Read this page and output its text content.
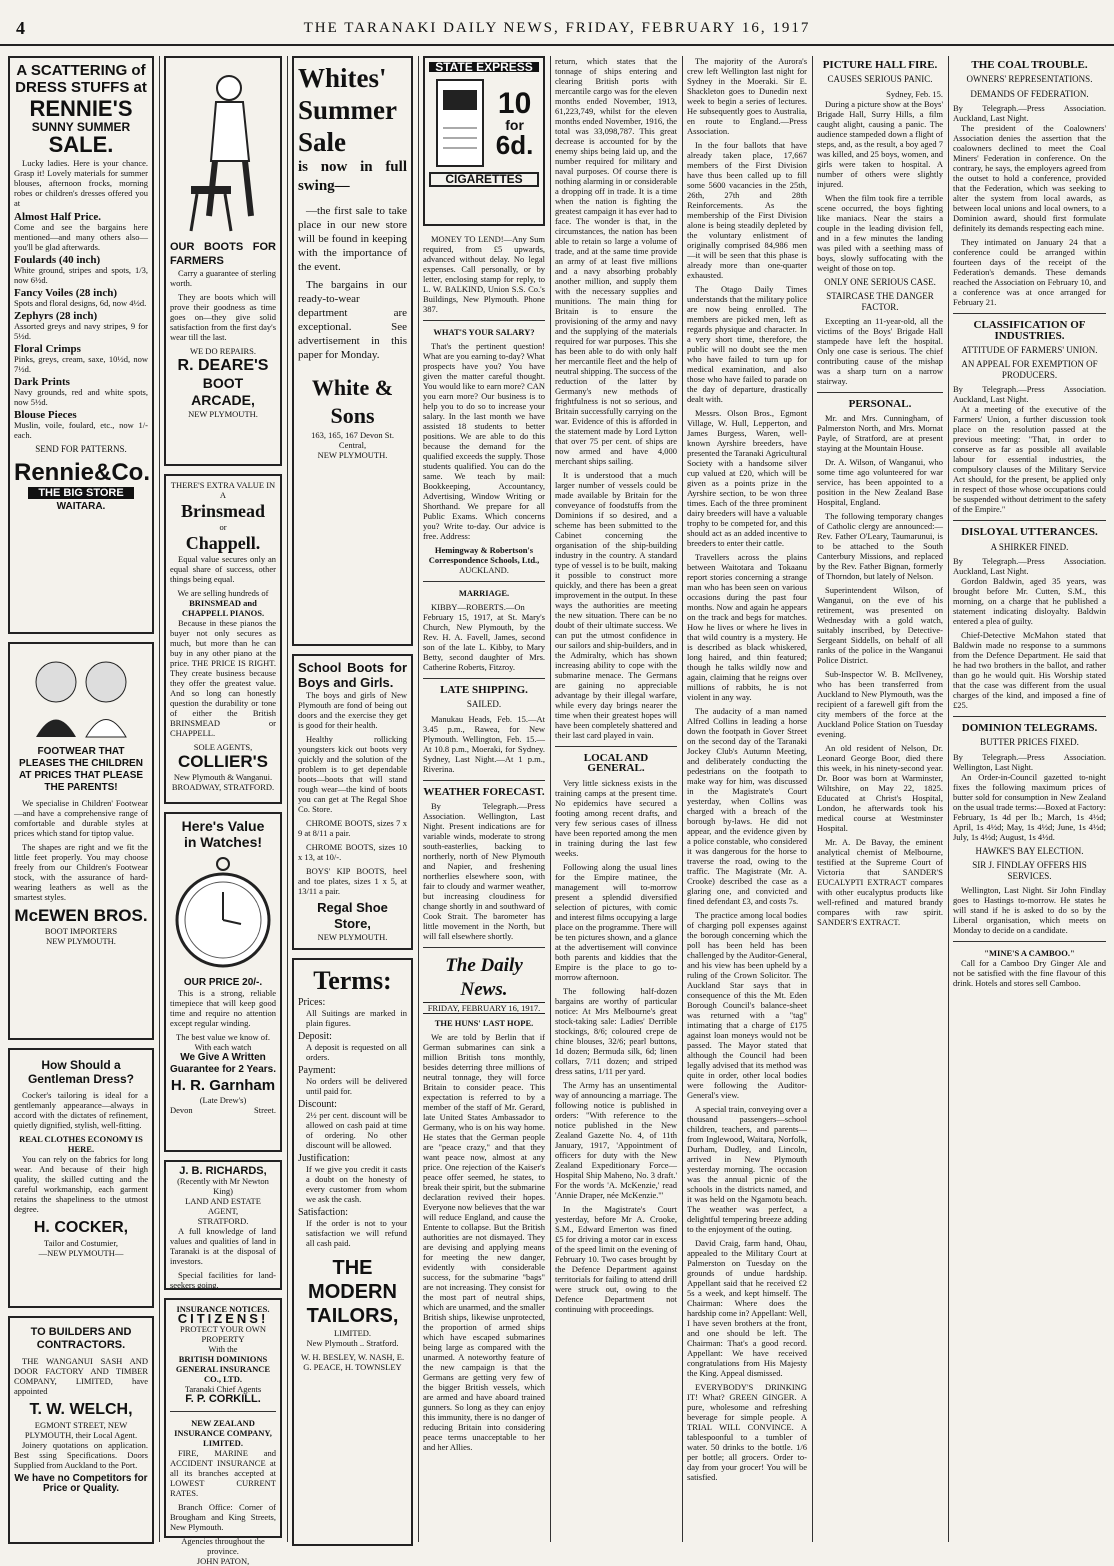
4	THE TARANAKI DAILY NEWS, FRIDAY, FEBRUARY 16, 1917
A SCATTERING of
DRESS STUFFS at
RENNIE'S
SUNNY SUMMER
SALE.

Lucky ladies. Here is your chance. Grasp it! Lovely materials for summer blouses, afternoon frocks, morning robes or children's dresses offered you at

Almost Half Price.
Come and see the bargains here mentioned—and many others also—you'll be glad afterwards.
Foulards (40 inch)
White ground, stripes and spots, 1/3, now 6½d.
Fancy Voiles (28 inch)
Spots and floral designs, 6d, now 4½d.
Zephyrs (28 inch)
Assorted greys and navy stripes, 9 for 5½d.
Floral Crimps
Pinks, greys, cream, saxe, 10½d, now 7½d.
Dark Prints
Navy grounds, red and white spots, now 5½d.
Blouse Pieces
Muslin, voile, foulard, etc., now 1/- each.
SEND FOR PATTERNS.
Rennie&Co.
THE BIG STORE
WAITARA.
FOOTWEAR THAT PLEASES THE CHILDREN AT PRICES THAT PLEASE THE PARENTS!

We specialise in Children' Footwear—and have a comprehensive range of comfortable and durable styles at prices which stand for tiptop value.

The shapes are right and we fit the little feet properly. You may choose freely from our Children's Footwear stock, with the assurance of hard-wearing leathers as well as the smartest styles.

McEWEN BROS.
BOOT IMPORTERS
NEW PLYMOUTH.
How Should a Gentleman Dress?

Cocker's tailoring is ideal for a gentlemanly appearance—always in accord with the dictates of refinement, quietly dignified, stylish, well-fitting.

REAL CLOTHES ECONOMY IS HERE.

You can rely on the fabrics for long wear. And because of their high quality, the skilled cutting and the careful workmanship, each garment retains the shapeliness to the utmost degree.

H. COCKER,
Tailor and Costumier,
—NEW PLYMOUTH—
TO BUILDERS AND CONTRACTORS.

THE WANGANUI SASH AND DOOR FACTORY AND TIMBER COMPANY, LIMITED, have appointed

T. W. WELCH,
EGMONT STREET, NEW PLYMOUTH, their Local Agent.

Joinery quotations on application. Best ssing Specifications. Doors Supplied from Auckland to the Port.

We have no Competitors for Price or Quality.
OUR BOOTS FOR FARMERS

Carry a guarantee of sterling worth.

They are boots which will prove their goodness as time goes on—they give solid satisfaction from the first day's wear till the last.

WE DO REPAIRS.
R. DEARE'S
BOOT ARCADE,
NEW PLYMOUTH.
THERE'S EXTRA VALUE IN A
Brinsmead
or
Chappell.

Equal value secures only an equal share of success, other things being equal.

We are selling hundreds of
BRINSMEAD and CHAPPELL PIANOS.

Because in these pianos the buyer not only secures as much, but more than he can buy in any other piano at the price. THE PRICE IS RIGHT. They create business because they offer the greatest value. And so long can honestly question the durability or tone of either the British BRINSMEAD or CHAPPELL.

SOLE AGENTS,
COLLIER'S
New Plymouth & Wanganui.
BROADWAY, STRATFORD.
Here's Value
in Watches!
OUR PRICE 20/-.

This is a strong, reliable timepiece that will keep good time and require no attention except regular winding.

The best value we know of. With each watch
We Give A Written Guarantee for 2 Years.
H. R. Garnham
(Late Drew's)
Devon	Street.
J. B. RICHARDS,
(Recently with Mr Newton King)
LAND AND ESTATE AGENT,
STRATFORD.

A full knowledge of land values and qualities of land in Taranaki is at the disposal of investors.

Special facilities for land-seekers going.

INSURANCE NOTICES.
CITIZENS!
PROTECT YOUR OWN PROPERTY
With the
BRITISH DOMINIONS GENERAL INSURANCE CO., LTD.
Taranaki Chief Agents
F. P. CORKILL.
NEW ZEALAND INSURANCE COMPANY, LIMITED.

FIRE, MARINE and ACCIDENT INSURANCE at all its branches accepted at LOWEST CURRENT RATES.

Branch Office: Corner of Brougham and King Streets, New Plymouth.

Agencies throughout the province.
JOHN PATON,
Whites'
Summer
Sale
is now in full swing—

—the first sale to take place in our new store will be found in keeping with the importance of the event.

The bargains in our ready-to-wear department are exceptional. See advertisement in this paper for Monday.

White & Sons
163, 165, 167 Devon St. Central,
NEW PLYMOUTH.
School Boots for Boys and Girls.

The boys and girls of New Plymouth are fond of being out doors and the exercise they get is good for their health.

Healthy rollicking youngsters kick out boots very quickly and the solution of the problem is to get dependable boots—boots that will stand rough wear—the kind of boots you can get at The Regal Shoe Co. Store.

CHROME BOOTS, sizes 7 x 9 at 8/11 a pair.

CHROME BOOTS, sizes 10 x 13, at 10/-.

BOYS' KIP BOOTS, heel and toe plates, sizes 1 x 5, at 13/11 a pair.

Regal Shoe Store,
NEW PLYMOUTH.
Terms:
Prices:
All Suitings are marked in plain figures.
Deposit:
A deposit is requested on all orders.
Payment:
No orders will be delivered until paid for.
Discount:
2½ per cent. discount will be allowed on cash paid at time of ordering. No other discount will be allowed.
Justification:
If we give you credit it casts a doubt on the honesty of every customer from whom we ask the cash.
Satisfaction:
If the order is not to your satisfaction we will refund all cash paid.
THE
MODERN
TAILORS,
LIMITED.
New Plymouth .. Stratford.
W. H. BESLEY, W. NASH, E. G. PEACE, H. TOWNSLEY
STATE EXPRESS
10
for
6d.
CIGARETTES

MONEY TO LEND!—Any Sum required, from £5 upwards, advanced without delay. No legal expenses. Call personally, or by letter, enclosing stamp for reply, to L. W. BALKIND, Union S.S. Co.'s Buildings, New Plymouth. Phone 387.

WHAT'S YOUR SALARY?

That's the pertinent question! What are you earning to-day? What prospects have you? You have given the matter careful thought. You would like to earn more? CAN you earn more? Our business is to help you to do so to increase your salary. In the last month we have assisted 18 students to better positions. We are able to do this because the demand for the qualified exceeds the supply. Those students qualified. You can do the same. We teach by mail: Bookkeeping, Accountancy, Advertising, Window Writing or Shorthand. We prepare for all Public Exams. Which concerns you? Write to-day. Our advice is free. Address:

Hemingway & Robertson's Correspondence Schools, Ltd.,
AUCKLAND.
MARRIAGE.

KIBBY—ROBERTS.—On February 15, 1917, at St. Mary's Church, New Plymouth, by the Rev. H. A. Favell, James, second son of the late L. Kibby, to Mary Betty, second daughter of Mrs. Catherine Roberts, Fitzroy.

LATE SHIPPING.
SAILED.

Manukau Heads, Feb. 15.—At 3.45 p.m., Rawea, for New Plymouth. Wellington, Feb. 15.—At 10.8 p.m., Moeraki, for Sydney. Sydney, Last Night.—At 1 p.m., Riverina.

WEATHER FORECAST.

By Telegraph.—Press Association. Wellington, Last Night. Present indications are for variable winds, moderate to strong south-easterlies, backing to northerly, north of New Plymouth and Napier, and freshening northerlies elsewhere soon, with fair to cloudy and warmer weather, but increasing cloudiness for change shortly in and southward of Cook Strait. The barometer has little movement in the North, but will fall elsewhere shortly.

The Daily News.
FRIDAY, FEBRUARY 16, 1917.
THE HUNS' LAST HOPE.

We are told by Berlin that if German submarines can sink a million British tons monthly, besides deterring three millions of neutral tonnage, they will force Britain to consider peace. This expectation is referred to by a member of the staff of Mr. Gerard, late United States Ambassador to Germany, who is on his way home. He states that the German people are "peace crazy," and that they want peace now, almost at any price. One rejection of the Kaiser's peace offer seemed, he states, to break their spirit, but the submarine declaration revived their hopes. Everyone now believes that the war will reduce England, and cause the Entente to collapse. But the British authorities are not dismayed. They are devising and applying means for meeting the new danger, evidently with considerable success, for the submarine "bags" are not increasing. They consist for the most part of neutral ships, which are unarmed, and the smaller British ships, likewise unprotected, the proportion of armed ships which have escaped submarines being large as compared with the unarmed. A noteworthy feature of the new campaign is that the Germans are getting very few of the bigger British vessels, which are armed and have aboard trained gunners. So long as they can enjoy this immunity, there is no danger of reducing Britain into considering peace terms unacceptable to her and her Allies.

return, which states that the tonnage of ships entering and clearing British ports with mercantile cargo was for the eleven months ended November, 1913, 61,223,749, whilst for the eleven months ended November, 1916, the total was 33,098,787. This great decrease is accounted for by the enemy ships being laid up, and the number required for military and naval purposes. Of course there is nothing alarming in or considerable a dropping off in trade. It is a time when the nation is fighting the greatest campaign it has ever had to face. The wonder is that, in the circumstances, the nation has been able to retain so large a volume of trade, and at the same time provide an army of at least five millions and a navy absorbing probably another million, and supply them with the necessary supplies and munitions. The main thing for Britain is to ensure the provisioning of the army and navy and the supplying of the materials required for war purposes. This she has been able to do with only half her mercantile fleet and the help of neutral shipping. The success of the reduction of the latter by Germany's new methods of frightfulness is not so serious, and Britain successfully carrying on the war. Evidence of this is afforded in the statement made by Lord Lytton that over 75 per cent. of ships are now armed and have 4,000 merchant ships sailing.

It is understood that a much larger number of vessels could be made available by Britain for the conveyance of foodstuffs from the Dominions if so desired, and a scheme has been submitted to the Cabinet concerning the organisation of the ship-building industry in the country. A standard type of vessel is to be built, making it possible to construct more quickly, and there has been a great improvement in the output. In these ways the authorities are meeting the new situation. There can be no doubt of their ultimate success. We can put the utmost confidence in our sailors and ship-builders, and in the Admiralty, which has shown increasing ability to cope with the submarine menace. The Germans are gaining no appreciable advantage by their illegal warfare, while every day brings nearer the time when their greatest hopes will have been completely shattered and their last card played in vain.

LOCAL AND GENERAL.

Very little sickness exists in the training camps at the present time. No epidemics have secured a footing among recent drafts, and very few serious cases of illness have been reported among the men in training during the last few weeks.

Following along the usual lines for the Empire matinee, the management will to-morrow present a splendid diversified selection of pictures, with comic and interest films occupying a large place on the programme. There will be ten pictures shown, and a glance at the advertisement will convince both parents and kiddies that the Empire is the place to go to-morrow afternoon.

The following half-dozen bargains are worthy of particular notice: At Mrs Melbourne's great stock-taking sale: Ladies' Derrible stockings, 8/6; coloured crepe de chine blouses, 32/6; pearl buttons, 1d dozen; Bermuda silk, 6d; linen collars, 7/11 dozen; and striped dress satins, 1/11 per yard.

The Army has an unsentimental way of announcing a marriage. The following notice is published in orders: "With reference to the notice published in the New Zealand Gazette No. 4, of 11th January, 1917, 'Appointment of officers for duty with the New Zealand Expeditionary Force—Hospital Ship Maheno, No. 3 draft.' For the words 'A. McKenzie,' read 'Annie Draper, née McKenzie.'"

In the Magistrate's Court yesterday, before Mr A. Crooke, S.M., Edward Emerton was fined £5 for driving a motor car in excess of the speed limit on the evening of February 10. Two cases brought by the Defence Department against territorials for failing to attend drill were struck out, owing to the Defence Department not continuing with proceedings.

The majority of the Aurora's crew left Wellington last night for Sydney in the Moeraki. Sir E. Shackleton goes to Dunedin next week to begin a series of lectures. He subsequently goes to Australia, en route to England.—Press Association.

In the four ballots that have already taken place, 17,667 members of the First Division have thus been called up to fill some 5600 vacancies in the 25th, 26th, 27th and 28th Reinforcements. As the membership of the First Division alone is being steadily depleted by the voluntary enlistment of originally comprised 84,986 men—it will be seen that this phase is already more than one-quarter exhausted.

The Otago Daily Times understands that the military police are now being enrolled. The members are picked men, left as regards physique and character. In a very short time, therefore, the public will no doubt see the men who have failed to turn up for medical examination, and also those who have failed to parade on the day of departure, drastically dealt with.

Messrs. Olson Bros., Egmont Village, W. Hull, Lepperton, and James Burgess, Waren, well-known Ayrshire breeders, have presented the Taranaki Agricultural Society with a handsome silver cup valued at £20, which will be given as a points prize in the Ayrshire section, to be won three times. Each of the three prominent dairy breeders will have a valuable trophy to be competed for, and this should act as an added incentive to breeders to enter their cattle.

Travellers across the plains between Waitotara and Tokaanu report stories concerning a strange man who has been seen on various occasions during the past four months. Now and again he appears on the track and begs for matches. How he lives or where he lives in that wild country is a mystery. He is described as black whiskered, long haired, and thin featured; though he talks wildly now and again, claiming that he reigns over millions of rabbits, he is not violent in any way.

The audacity of a man named Alfred Collins in leading a horse down the footpath in Gover Street on the second day of the Taranaki Jockey Club's Autumn Meeting, and deliberately conducting the pedestrians on the footpath to make way for him, was discussed in the Magistrate's Court yesterday, when Collins was charged with a breach of the borough by-laws. He did not appear, and the evidence given by a police constable, who considered it was dangerous for the horse to traverse the road, owing to the traffic. The Magistrate (Mr. A. Crooke) described the case as a glaring one, and convicted and fined defendant £3, and costs 7s.

The practice among local bodies of charging poll expenses against the borough concerning which the poll has been held has been challenged by the Auditor-General, and his view has been upheld by a ruling of the Crown Solicitor. The Auckland Star says that in consequence of this the Mt. Eden Borough Council's balance-sheet was returned with a "tag" intimating that a charge of £175 against loan moneys would not be passed. The Mayor stated that although the Council had been legally advised that its method was quite in order, other local bodies were following the Auditor-General's view.

A special train, conveying over a thousand passengers—school children, teachers, and parents—from Inglewood, Waitara, Norfolk, Durham, Dudley, and Lincoln, arrived in New Plymouth yesterday morning. The occasion was the annual picnic of the schools in the districts named, and it was held on the Ngamotu beach. The weather was perfect, a delightful tempering breeze adding to the enjoyment of the outing.

David Craig, farm hand, Ohau, appealed to the Military Court at Palmerston on Tuesday on the grounds of undue hardship. Appellant said that he received £2 5s a week, and kept himself. The Chairman: Where does the hardship come in? Appellant: Well, I have seven brothers at the front, and one should be left. The Chairman: That's a good record. Appellant: We have received congratulations from His Majesty the King. Appeal dismissed.

EVERYBODY'S DRINKING IT! What? GREEN GINGER. A pure, wholesome and refreshing beverage for simple people. A TRIAL WILL CONVINCE. A tablespoonful to a tumbler of water. 50 drinks to the bottle. 1/6 per bottle; all grocers. Order to-day from your grocer! You will be satisfied.

PICTURE HALL FIRE.
CAUSES SERIOUS PANIC.
Sydney, Feb. 15.

During a picture show at the Boys' Brigade Hall, Surry Hills, a film caught alight, causing a panic. The audience stampeded down a flight of steps, and, as the result, a boy aged 7 was killed, and 25 boys, women, and girls were taken to hospital. A number of others were slightly injured.

When the film took fire a terrible scene occurred, the boys fighting like maniacs. Near the stairs a couple in the leading division fell, and in a few minutes the landing was piled with a seething mass of boys, slowly suffocating with the weight of those on top.

ONLY ONE SERIOUS CASE.
STAIRCASE THE DANGER FACTOR.

Excepting an 11-year-old, all the victims of the Boys' Brigade Hall stampede have left the hospital. Only one case is serious. The chief contributing cause of the mishap was a sharp turn on a narrow stairway.

PERSONAL.

Mr. and Mrs. Cunningham, of Palmerston North, and Mrs. Mornat Payle, of Stratford, are at present staying at the Mountain House.

Dr. A. Wilson, of Wanganui, who some time ago volunteered for war service, has been appointed to a position in the New Zealand Base Hospital, England.

The following temporary changes of Catholic clergy are announced:—Rev. Father O'Leary, Taumarunui, is to be attached to the South Canterbury Missions, and replaced by the Rev. Father Bignan, formerly of Thorndon, but lately of Nelson.

Superintendent Wilson, of Wanganui, on the eve of his retirement, was presented on Wednesday with a gold watch, suitably inscribed, by Detective-Sergeant Siddells, on behalf of all ranks of the police in the Wanganui Police District.

Sub-Inspector W. B. McIlveney, who has been transferred from Auckland to New Plymouth, was the recipient of a farewell gift from the city members of the force at the Auckland Police Station on Tuesday evening.

An old resident of Nelson, Dr. Leonard George Boor, died there this week, in his ninety-second year. Dr. Boor was born at Warminster, Wiltshire, on May 22, 1825. Educated at Christ's Hospital, London, he afterwards took his medical course at Westminster Hospital.

Mr. A. De Bavay, the eminent analytical chemist of Melbourne, testified at the Supreme Court of Victoria that SANDER'S EUCALYPTI EXTRACT compares with other eucalyptus products like well-refined and matured brandy compares with raw spirit. SANDER'S EXTRACT.

THE COAL TROUBLE.
OWNERS' REPRESENTATIONS.
DEMANDS OF FEDERATION.
By Telegraph.—Press Association. Auckland, Last Night.

The president of the Coalowners' Association denies the assertion that the coalowners declined to meet the Coal Miners' Federation in conference. On the contrary, he says, the employers agreed from the outset to hold a conference, provided that the Federation, which was seeking to alter the system from local awards, as between local unions and local owners, to a Dominion award, should first formulate definitely its demands respecting each mine.

They intimated on January 24 that a conference could be arranged within fourteen days of the receipt of the Federation's demands. These demands reached the Association on February 10, and a conference was at once arranged for February 21.

CLASSIFICATION OF INDUSTRIES.
ATTITUDE OF FARMERS' UNION.
AN APPEAL FOR EXEMPTION OF PRODUCERS.
By Telegraph.—Press Association. Auckland, Last Night.

At a meeting of the executive of the Farmers' Union, a further discussion took place on the resolution passed at the previous meeting: "That, in order to conserve as far as possible all available labour for essential industries, the compulsory clauses of the Military Service Act should, for the present, be applied only in respect of those whose occupations could be suspended without detriment to the safety of the Empire."

DISLOYAL UTTERANCES.
A SHIRKER FINED.
By Telegraph.—Press Association. Auckland, Last Night.

Gordon Baldwin, aged 35 years, was brought before Mr. Cutten, S.M., this morning, on a charge that he published a statement indicating disloyalty. Baldwin entered a plea of guilty.

Chief-Detective McMahon stated that Baldwin made no response to a summons from the Defence Department. He said that he had two brothers in the ballot, and rather than go he would quit. His Worship stated that the case was different from the usual charges of the kind, and imposed a fine of £25.

DOMINION TELEGRAMS.
BUTTER PRICES FIXED.
By Telegraph.—Press Association. Wellington, Last Night.

An Order-in-Council gazetted to-night fixes the following maximum prices of butter sold for consumption in New Zealand on the usual trade terms:—Boxed at Factory: February, 1s 4d per lb.; March, 1s 4½d; April, 1s 4½d; May, 1s 4½d; June, 1s 4½d; July, 1s 4½d; August, 1s 4½d.

HAWKE'S BAY ELECTION.
SIR J. FINDLAY OFFERS HIS SERVICES.

Wellington, Last Night. Sir John Findlay goes to Hastings to-morrow. He states he will stand if he is asked to do so by the Liberal organisation, which meets on Monday to decide on a candidate.

"MINE'S A CAMBOO."

Call for a Camboo Dry Ginger Ale and not be satisfied with the fine flavour of this drink. Hotels and stores sell Camboo.
